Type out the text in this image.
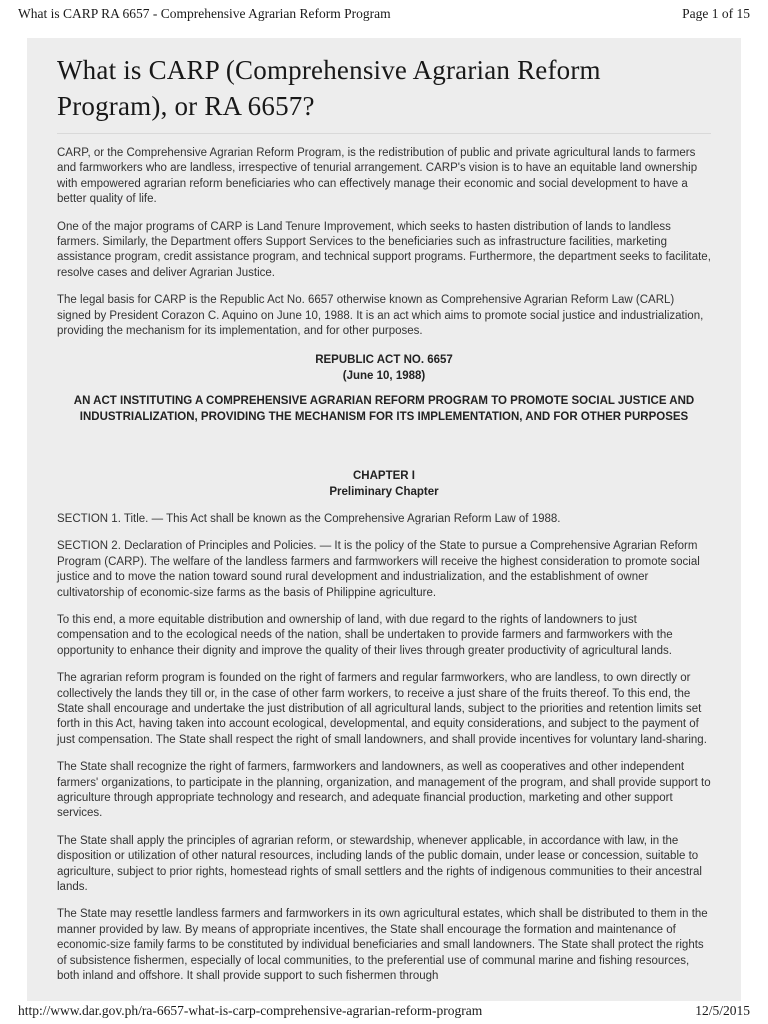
What is CARP RA 6657 - Comprehensive Agrarian Reform Program	Page 1 of 15
What is CARP (Comprehensive Agrarian Reform Program), or RA 6657?

CARP, or the Comprehensive Agrarian Reform Program, is the redistribution of public and private agricultural lands to farmers and farmworkers who are landless, irrespective of tenurial arrangement. CARP's vision is to have an equitable land ownership with empowered agrarian reform beneficiaries who can effectively manage their economic and social development to have a better quality of life.

One of the major programs of CARP is Land Tenure Improvement, which seeks to hasten distribution of lands to landless farmers. Similarly, the Department offers Support Services to the beneficiaries such as infrastructure facilities, marketing assistance program, credit assistance program, and technical support programs. Furthermore, the department seeks to facilitate, resolve cases and deliver Agrarian Justice.

The legal basis for CARP is the Republic Act No. 6657 otherwise known as Comprehensive Agrarian Reform Law (CARL) signed by President Corazon C. Aquino on June 10, 1988. It is an act which aims to promote social justice and industrialization, providing the mechanism for its implementation, and for other purposes.

REPUBLIC ACT NO. 6657
(June 10, 1988)
AN ACT INSTITUTING A COMPREHENSIVE AGRARIAN REFORM PROGRAM TO PROMOTE SOCIAL JUSTICE AND INDUSTRIALIZATION, PROVIDING THE MECHANISM FOR ITS IMPLEMENTATION, AND FOR OTHER PURPOSES
CHAPTER I
Preliminary Chapter

SECTION 1. Title. — This Act shall be known as the Comprehensive Agrarian Reform Law of 1988.

SECTION 2. Declaration of Principles and Policies. — It is the policy of the State to pursue a Comprehensive Agrarian Reform Program (CARP). The welfare of the landless farmers and farmworkers will receive the highest consideration to promote social justice and to move the nation toward sound rural development and industrialization, and the establishment of owner cultivatorship of economic-size farms as the basis of Philippine agriculture.

To this end, a more equitable distribution and ownership of land, with due regard to the rights of landowners to just compensation and to the ecological needs of the nation, shall be undertaken to provide farmers and farmworkers with the opportunity to enhance their dignity and improve the quality of their lives through greater productivity of agricultural lands.

The agrarian reform program is founded on the right of farmers and regular farmworkers, who are landless, to own directly or collectively the lands they till or, in the case of other farm workers, to receive a just share of the fruits thereof. To this end, the State shall encourage and undertake the just distribution of all agricultural lands, subject to the priorities and retention limits set forth in this Act, having taken into account ecological, developmental, and equity considerations, and subject to the payment of just compensation. The State shall respect the right of small landowners, and shall provide incentives for voluntary land-sharing.

The State shall recognize the right of farmers, farmworkers and landowners, as well as cooperatives and other independent farmers' organizations, to participate in the planning, organization, and management of the program, and shall provide support to agriculture through appropriate technology and research, and adequate financial production, marketing and other support services.

The State shall apply the principles of agrarian reform, or stewardship, whenever applicable, in accordance with law, in the disposition or utilization of other natural resources, including lands of the public domain, under lease or concession, suitable to agriculture, subject to prior rights, homestead rights of small settlers and the rights of indigenous communities to their ancestral lands.

The State may resettle landless farmers and farmworkers in its own agricultural estates, which shall be distributed to them in the manner provided by law. By means of appropriate incentives, the State shall encourage the formation and maintenance of economic-size family farms to be constituted by individual beneficiaries and small landowners. The State shall protect the rights of subsistence fishermen, especially of local communities, to the preferential use of communal marine and fishing resources, both inland and offshore. It shall provide support to such fishermen through

http://www.dar.gov.ph/ra-6657-what-is-carp-comprehensive-agrarian-reform-program	12/5/2015
